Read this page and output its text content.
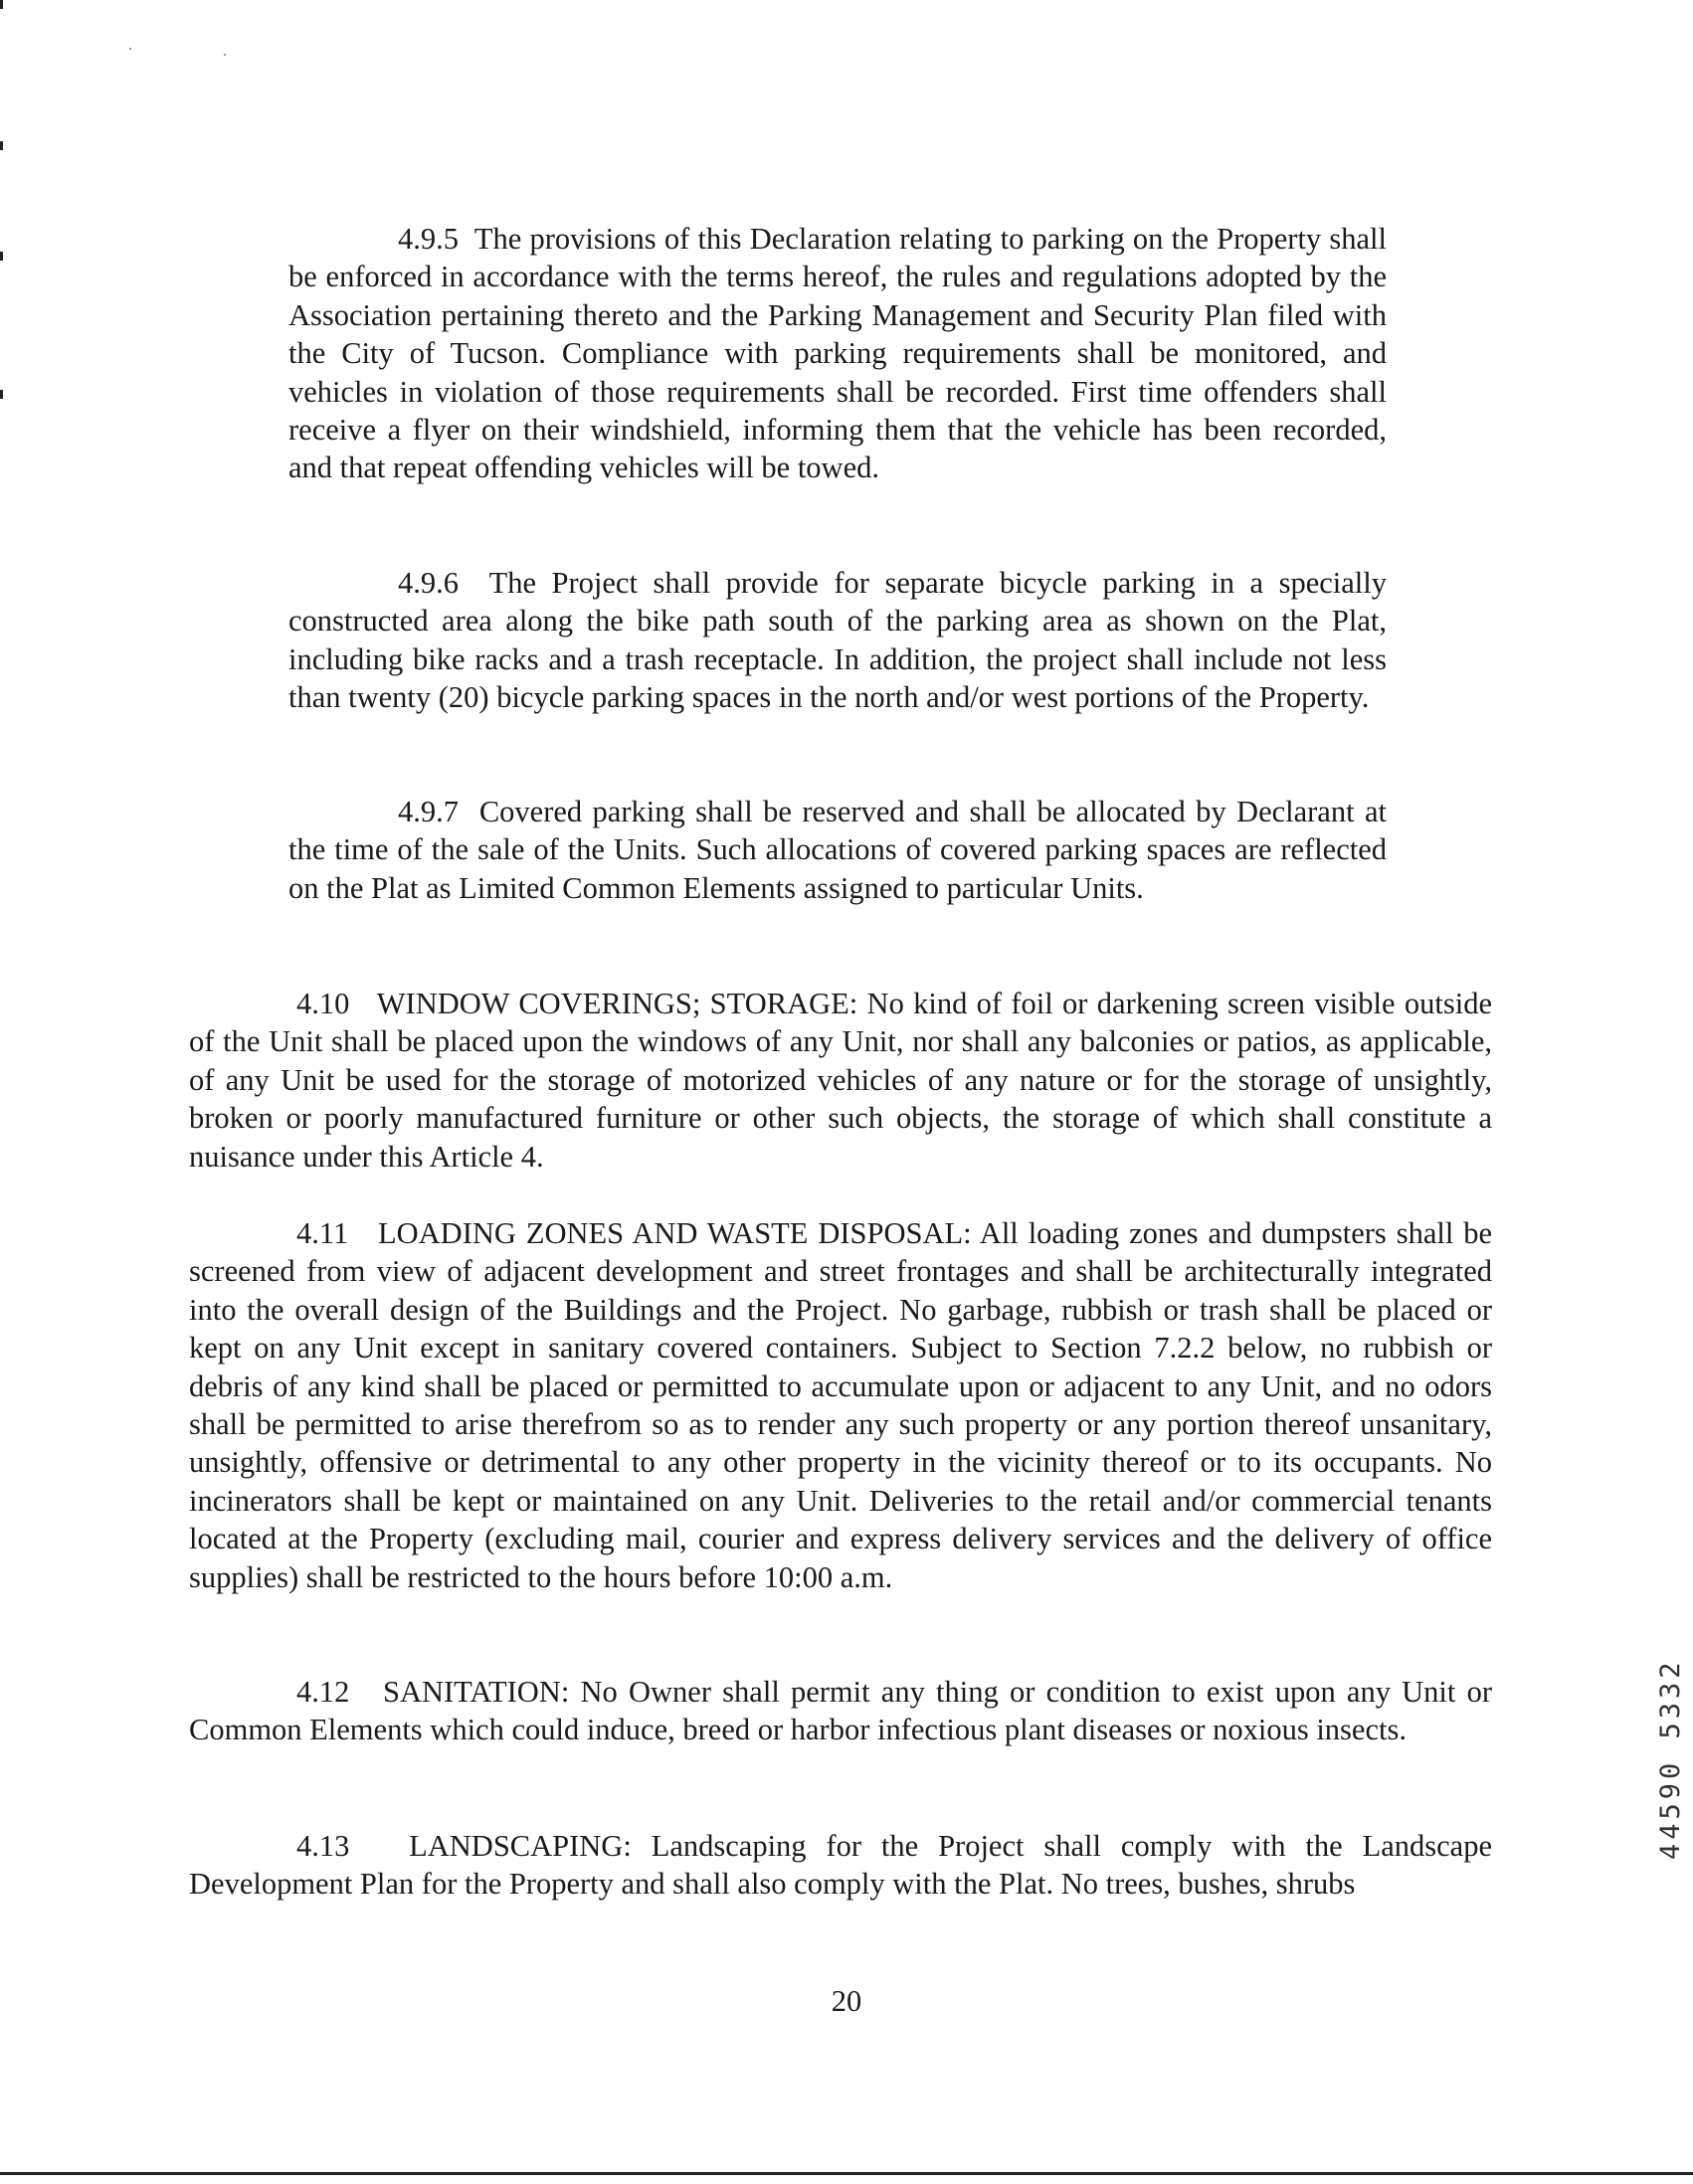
4.9.5 The provisions of this Declaration relating to parking on the Property shall be enforced in accordance with the terms hereof, the rules and regulations adopted by the Association pertaining thereto and the Parking Management and Security Plan filed with the City of Tucson. Compliance with parking requirements shall be monitored, and vehicles in violation of those requirements shall be recorded. First time offenders shall receive a flyer on their windshield, informing them that the vehicle has been recorded, and that repeat offending vehicles will be towed.

4.9.6 The Project shall provide for separate bicycle parking in a specially constructed area along the bike path south of the parking area as shown on the Plat, including bike racks and a trash receptacle. In addition, the project shall include not less than twenty (20) bicycle parking spaces in the north and/or west portions of the Property.

4.9.7 Covered parking shall be reserved and shall be allocated by Declarant at the time of the sale of the Units. Such allocations of covered parking spaces are reflected on the Plat as Limited Common Elements assigned to particular Units.

4.10 WINDOW COVERINGS; STORAGE: No kind of foil or darkening screen visible outside of the Unit shall be placed upon the windows of any Unit, nor shall any balconies or patios, as applicable, of any Unit be used for the storage of motorized vehicles of any nature or for the storage of unsightly, broken or poorly manufactured furniture or other such objects, the storage of which shall constitute a nuisance under this Article 4.

4.11 LOADING ZONES AND WASTE DISPOSAL: All loading zones and dumpsters shall be screened from view of adjacent development and street frontages and shall be architecturally integrated into the overall design of the Buildings and the Project. No garbage, rubbish or trash shall be placed or kept on any Unit except in sanitary covered containers. Subject to Section 7.2.2 below, no rubbish or debris of any kind shall be placed or permitted to accumulate upon or adjacent to any Unit, and no odors shall be permitted to arise therefrom so as to render any such property or any portion thereof unsanitary, unsightly, offensive or detrimental to any other property in the vicinity thereof or to its occupants. No incinerators shall be kept or maintained on any Unit. Deliveries to the retail and/or commercial tenants located at the Property (excluding mail, courier and express delivery services and the delivery of office supplies) shall be restricted to the hours before 10:00 a.m.

4.12 SANITATION: No Owner shall permit any thing or condition to exist upon any Unit or Common Elements which could induce, breed or harbor infectious plant diseases or noxious insects.

4.13 LANDSCAPING: Landscaping for the Project shall comply with the Landscape Development Plan for the Property and shall also comply with the Plat. No trees, bushes, shrubs

20
44590 5332
